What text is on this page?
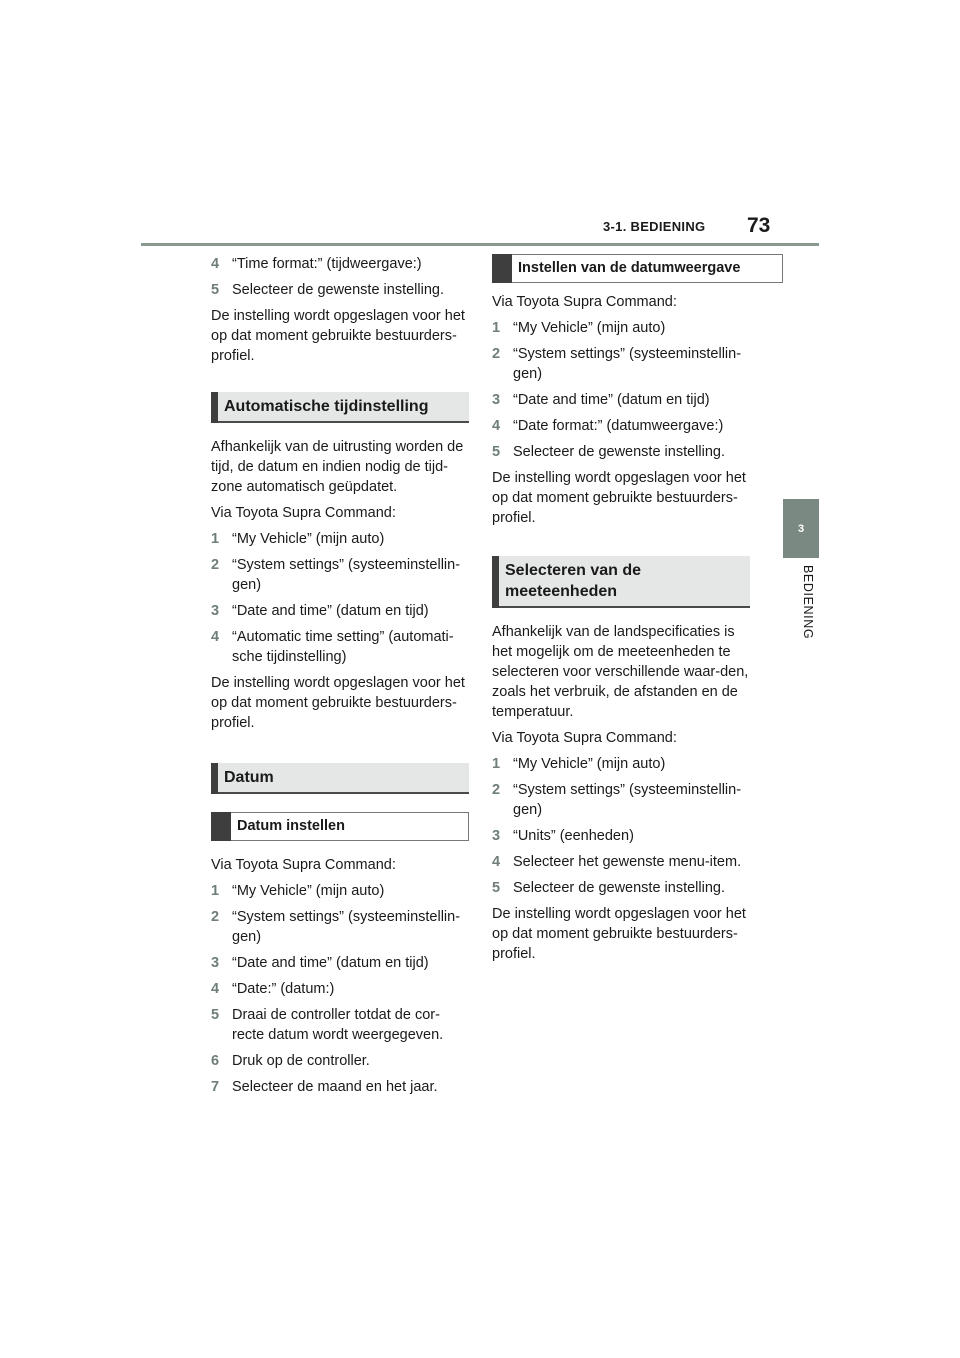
3-1. BEDIENING 73
3
BEDIENING
4 “Time format:” (tijdweergave:)
5 Selecteer de gewenste instelling.

De instelling wordt opgeslagen voor het op dat moment gebruikte bestuurders-profiel.

Automatische tijdinstelling

Afhankelijk van de uitrusting worden de tijd, de datum en indien nodig de tijd-zone automatisch geüpdatet.

Via Toyota Supra Command:

1 “My Vehicle” (mijn auto)
2 “System settings” (systeeminstellin-gen)
3 “Date and time” (datum en tijd)
4 “Automatic time setting” (automati-sche tijdinstelling)

De instelling wordt opgeslagen voor het op dat moment gebruikte bestuurders-profiel.

Datum
Datum instellen

Via Toyota Supra Command:

1 “My Vehicle” (mijn auto)
2 “System settings” (systeeminstellin-gen)
3 “Date and time” (datum en tijd)
4 “Date:” (datum:)
5 Draai de controller totdat de cor-recte datum wordt weergegeven.
6 Druk op de controller.
7 Selecteer de maand en het jaar.
Instellen van de datumweergave

Via Toyota Supra Command:

1 “My Vehicle” (mijn auto)
2 “System settings” (systeeminstellin-gen)
3 “Date and time” (datum en tijd)
4 “Date format:” (datumweergave:)
5 Selecteer de gewenste instelling.

De instelling wordt opgeslagen voor het op dat moment gebruikte bestuurders-profiel.

Selecteren van de meeteenheden

Afhankelijk van de landspecificaties is het mogelijk om de meeteenheden te selecteren voor verschillende waar-den, zoals het verbruik, de afstanden en de temperatuur.

Via Toyota Supra Command:

1 “My Vehicle” (mijn auto)
2 “System settings” (systeeminstellin-gen)
3 “Units” (eenheden)
4 Selecteer het gewenste menu-item.
5 Selecteer de gewenste instelling.

De instelling wordt opgeslagen voor het op dat moment gebruikte bestuurders-profiel.
